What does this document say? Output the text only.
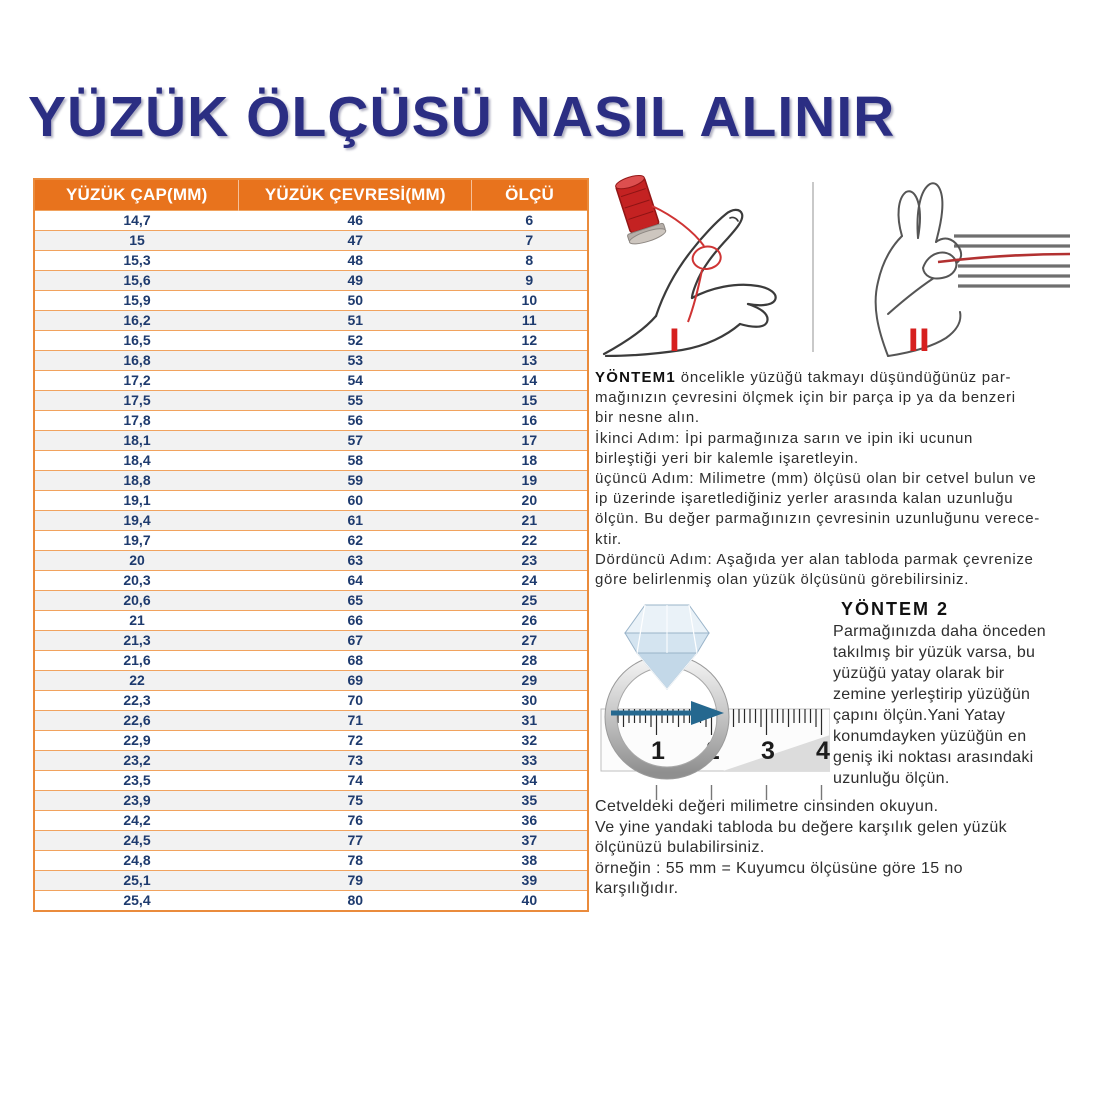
YÜZÜK ÖLÇÜSÜ NASIL ALINIR
YÜZÜK ÇAP(MM)	YÜZÜK ÇEVRESİ(MM)	ÖLÇÜ
14,7	46	6
15	47	7
15,3	48	8
15,6	49	9
15,9	50	10
16,2	51	11
16,5	52	12
16,8	53	13
17,2	54	14
17,5	55	15
17,8	56	16
18,1	57	17
18,4	58	18
18,8	59	19
19,1	60	20
19,4	61	21
19,7	62	22
20	63	23
20,3	64	24
20,6	65	25
21	66	26
21,3	67	27
21,6	68	28
22	69	29
22,3	70	30
22,6	71	31
22,9	72	32
23,2	73	33
23,5	74	34
23,9	75	35
24,2	76	36
24,5	77	37
24,8	78	38
25,1	79	39
25,4	80	40
I	II
YÖNTEM1 öncelikle yüzüğü takmayı düşündüğünüz par-
mağınızın çevresini ölçmek için bir parça ip ya da benzeri
bir nesne alın.
İkinci Adım: İpi parmağınıza sarın ve ipin iki ucunun
birleştiği yeri bir kalemle işaretleyin.
üçüncü Adım: Milimetre (mm) ölçüsü olan bir cetvel bulun ve
ip üzerinde işaretlediğiniz yerler arasında kalan uzunluğu
ölçün. Bu değer parmağınızın çevresinin uzunluğunu verece-
ktir.
Dördüncü Adım: Aşağıda yer alan tabloda parmak çevrenize
göre belirlenmiş olan yüzük ölçüsünü görebilirsiniz.
1 2 3 4
YÖNTEM 2
Parmağınızda daha önceden
takılmış bir yüzük varsa, bu
yüzüğü yatay olarak bir
zemine yerleştirip yüzüğün
çapını ölçün.Yani Yatay
konumdayken yüzüğün en
geniş iki noktası arasındaki
uzunluğu ölçün.
Cetveldeki değeri milimetre cinsinden okuyun.
Ve yine yandaki tabloda bu değere karşılık gelen yüzük
ölçünüzü bulabilirsiniz.
örneğin : 55 mm = Kuyumcu ölçüsüne göre 15 no
karşılığıdır.
